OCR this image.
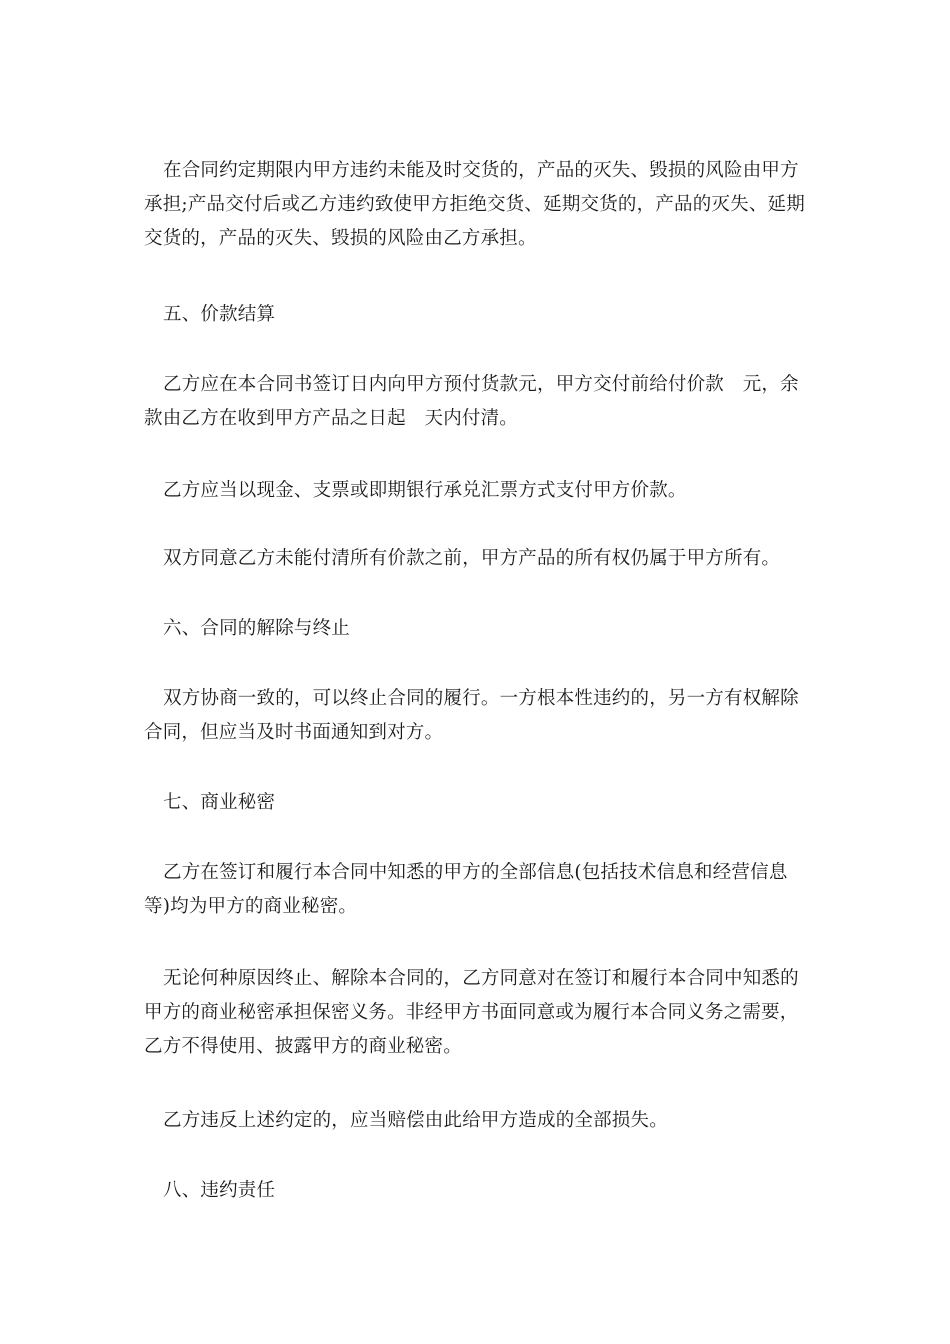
在合同约定期限内甲方违约未能及时交货的，产品的灭失、毁损的风险由甲方承担;产品交付后或乙方违约致使甲方拒绝交货、延期交货的，产品的灭失、延期交货的，产品的灭失、毁损的风险由乙方承担。

五、价款结算

乙方应在本合同书签订日内向甲方预付货款元，甲方交付前给付价款　元，余款由乙方在收到甲方产品之日起　天内付清。

乙方应当以现金、支票或即期银行承兑汇票方式支付甲方价款。

双方同意乙方未能付清所有价款之前，甲方产品的所有权仍属于甲方所有。

六、合同的解除与终止

双方协商一致的，可以终止合同的履行。一方根本性违约的，另一方有权解除合同，但应当及时书面通知到对方。

七、商业秘密

乙方在签订和履行本合同中知悉的甲方的全部信息(包括技术信息和经营信息等)均为甲方的商业秘密。

无论何种原因终止、解除本合同的，乙方同意对在签订和履行本合同中知悉的甲方的商业秘密承担保密义务。非经甲方书面同意或为履行本合同义务之需要，乙方不得使用、披露甲方的商业秘密。

乙方违反上述约定的，应当赔偿由此给甲方造成的全部损失。

八、违约责任
